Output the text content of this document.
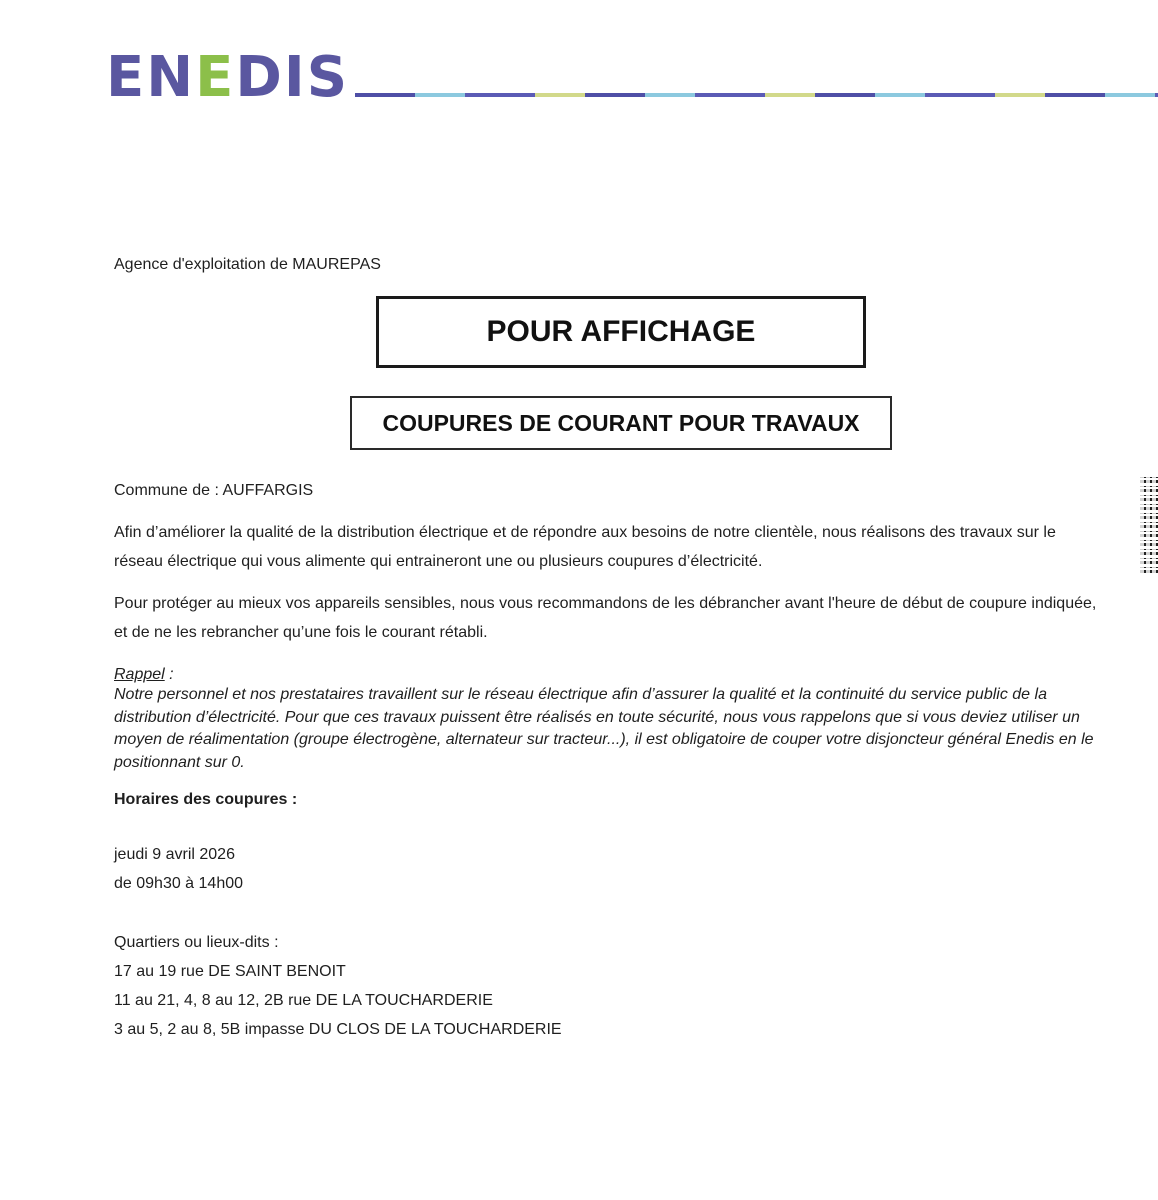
ENEDIS
Agence d'exploitation de MAUREPAS
POUR AFFICHAGE
COUPURES DE COURANT POUR TRAVAUX
Commune de : AUFFARGIS
Afin d’améliorer la qualité de la distribution électrique et de répondre aux besoins de notre clientèle, nous réalisons des travaux sur le réseau électrique qui vous alimente qui entraineront une ou plusieurs coupures d’électricité.
Pour protéger au mieux vos appareils sensibles, nous vous recommandons de les débrancher avant l'heure de début de coupure indiquée, et de ne les rebrancher qu’une fois le courant rétabli.
Rappel :
Notre personnel et nos prestataires travaillent sur le réseau électrique afin d’assurer la qualité et la continuité du service public de la distribution d’électricité. Pour que ces travaux puissent être réalisés en toute sécurité, nous vous rappelons que si vous deviez utiliser un moyen de réalimentation (groupe électrogène, alternateur sur tracteur...), il est obligatoire de couper votre disjoncteur général Enedis en le positionnant sur 0.
Horaires des coupures :
jeudi 9 avril 2026
de 09h30 à 14h00
Quartiers ou lieux-dits :
17 au 19 rue DE SAINT BENOIT
11 au 21, 4, 8 au 12, 2B rue DE LA TOUCHARDERIE
3 au 5, 2 au 8, 5B impasse DU CLOS DE LA TOUCHARDERIE
